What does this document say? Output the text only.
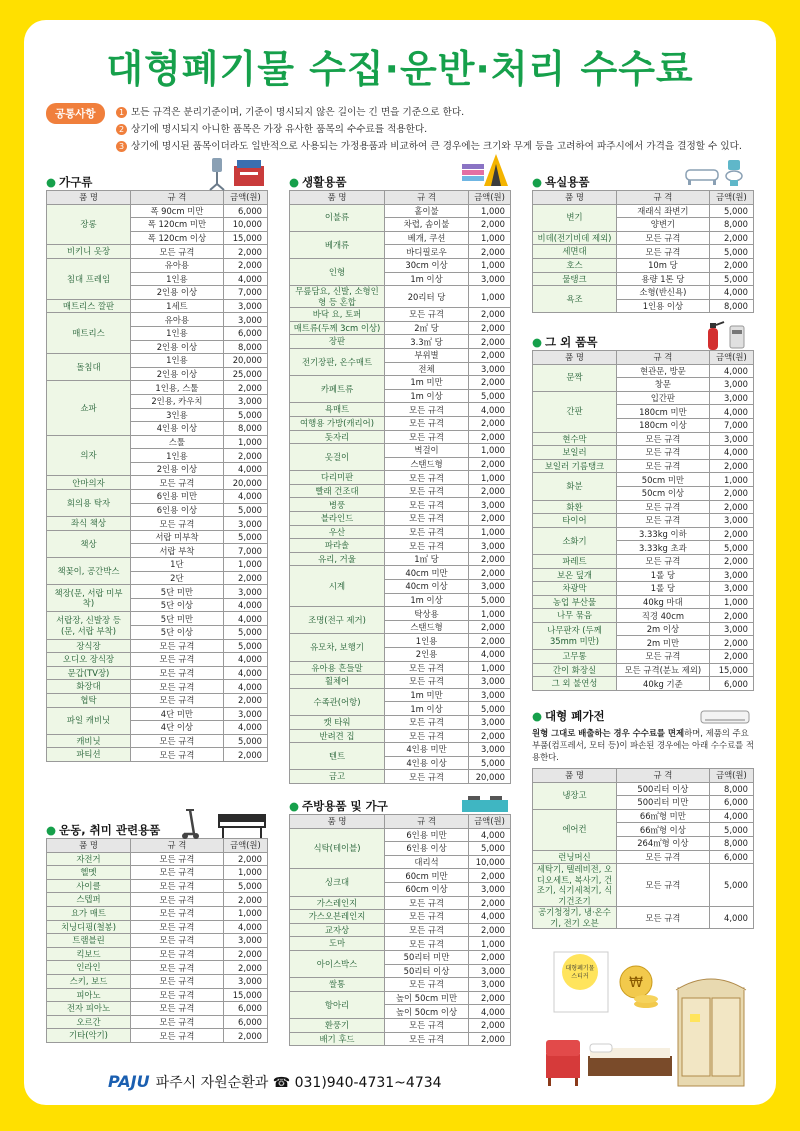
대형폐기물 수집·운반·처리 수수료
공통사항	1 모든 규격은 분리기준이며, 기준이 명시되지 않은 길이는 긴 면을 기준으로 한다.
2 상기에 명시되지 아니한 품목은 가장 유사한 품목의 수수료를 적용한다.
3 상기에 명시된 품목이더라도 일반적으로 사용되는 가정용품과 비교하여 큰 경우에는 크기와 무게 등을 고려하여 파주시에서 가격을 결정할 수 있다.
● 가구류
품 명	규 격	금액(원)
장롱	폭 90cm 미만	6,000
	폭 120cm 미만	10,000
	폭 120cm 이상	15,000
비키니 옷장	모든 규격	2,000
침대 프레임	유아용	2,000
	1인용	4,000
	2인용 이상	7,000
매트리스 깔판	1세트	3,000
매트리스	유아용	3,000
	1인용	6,000
	2인용 이상	8,000
돌침대	1인용	20,000
	2인용 이상	25,000
쇼파	1인용, 스툴	2,000
	2인용, 카우치	3,000
	3인용	5,000
	4인용 이상	8,000
의자	스툴	1,000
	1인용	2,000
	2인용 이상	4,000
안마의자	모든 규격	20,000
회의용 탁자	6인용 미만	4,000
	6인용 이상	5,000
좌식 책상	모든 규격	3,000
책상	서랍 미부착	5,000
	서랍 부착	7,000
책꽂이, 공간박스	1단	1,000
	2단	2,000
책장(문, 서랍 미부착)	5단 미만	3,000
	5단 이상	4,000
서랍장, 신발장 등 (문, 서랍 부착)	5단 미만	4,000
	5단 이상	5,000
장식장	모든 규격	5,000
오디오 장식장	모든 규격	4,000
문갑(TV장)	모든 규격	4,000
화장대	모든 규격	4,000
협탁	모든 규격	2,000
파일 캐비닛	4단 미만	3,000
	4단 이상	4,000
캐비닛	모든 규격	5,000
파티션	모든 규격	2,000
● 운동, 취미 관련용품
품 명	규 격	금액(원)
자전거	모든 규격	2,000
헬멧	모든 규격	1,000
사이클	모든 규격	5,000
스텝퍼	모든 규격	2,000
요가 매트	모든 규격	1,000
치닝디핑(철봉)	모든 규격	4,000
트램블린	모든 규격	3,000
킥보드	모든 규격	2,000
인라인	모든 규격	2,000
스키, 보드	모든 규격	3,000
피아노	모든 규격	15,000
전자 피아노	모든 규격	6,000
오르간	모든 규격	6,000
기타(악기)	모든 규격	2,000
● 생활용품
품 명	규 격	금액(원)
이불류	홑이불	1,000
	차렵, 솜이불	2,000
베개류	베개, 쿠션	1,000
	바디필로우	2,000
인형	30cm 이상	1,000
	1m 이상	3,000
무릎담요, 신발, 소형인형 등 혼합	20리터 당	1,000
바닥 요, 토퍼	모든 규격	2,000
매트류(두께 3cm 이상)	2㎡ 당	2,000
장판	3.3㎡ 당	2,000
전기장판, 온수매트	부위별	2,000
	전체	3,000
카페트류	1m 미만	2,000
	1m 이상	5,000
욕매트	모든 규격	4,000
여행용 가방(캐리어)	모든 규격	2,000
돗자리	모든 규격	2,000
옷걸이	벽걸이	1,000
	스탠드형	2,000
다리미판	모든 규격	1,000
빨래 건조대	모든 규격	2,000
병풍	모든 규격	3,000
블라인드	모든 규격	2,000
우산	모든 규격	1,000
파라솔	모든 규격	3,000
유리, 거울	1㎡ 당	2,000
시계	40cm 미만	2,000
	40cm 이상	3,000
	1m 이상	5,000
조명(전구 제거)	탁상용	1,000
	스탠드형	2,000
유모차, 보행기	1인용	2,000
	2인용	4,000
유아용 흔들말	모든 규격	1,000
휠체어	모든 규격	3,000
수족관(어항)	1m 미만	3,000
	1m 이상	5,000
캣 타워	모든 규격	3,000
반려견 집	모든 규격	2,000
텐트	4인용 미만	3,000
	4인용 이상	5,000
금고	모든 규격	20,000
● 주방용품 및 가구
품 명	규 격	금액(원)
식탁(테이블)	6인용 미만	4,000
	6인용 이상	5,000
	대리석	10,000
싱크대	60cm 미만	2,000
	60cm 이상	3,000
가스레인지	모든 규격	2,000
가스오븐레인지	모든 규격	4,000
교자상	모든 규격	2,000
도마	모든 규격	1,000
아이스박스	50리터 미만	2,000
	50리터 이상	3,000
쌀통	모든 규격	3,000
항아리	높이 50cm 미만	2,000
	높이 50cm 이상	4,000
환풍기	모든 규격	2,000
배기 후드	모든 규격	2,000
● 욕실용품
품 명	규 격	금액(원)
변기	재래식 좌변기	5,000
	양변기	8,000
비데(전기비데 제외)	모든 규격	2,000
세면대	모든 규격	5,000
호스	10m 당	2,000
물탱크	용량 1톤 당	5,000
욕조	소형(반신욕)	4,000
	1인용 이상	8,000
● 그 외 품목
품 명	규 격	금액(원)
문짝	현관문, 방문	4,000
	창문	3,000
간판	입간판	3,000
	180cm 미만	4,000
	180cm 이상	7,000
현수막	모든 규격	3,000
보일러	모든 규격	4,000
보일러 기름탱크	모든 규격	2,000
화분	50cm 미만	1,000
	50cm 이상	2,000
화환	모든 규격	2,000
타이어	모든 규격	3,000
소화기	3.33kg 이하	2,000
	3.33kg 초과	5,000
파레트	모든 규격	2,000
보온 덮개	1롤 당	3,000
차광막	1롤 당	3,000
농업 부산물	40kg 마대	1,000
나무 묶음	직경 40cm	2,000
나무판자 (두께 35mm 미만)	2m 이상	3,000
	2m 미만	2,000
고무통	모든 규격	2,000
간이 화장실	모든 규격(분뇨 제외)	15,000
그 외 불연성	40kg 기준	6,000
● 대형 폐가전
원형 그대로 배출하는 경우 수수료를 면제하며, 제품의 주요 부품(컴프레서, 모터 등)이 파손된 경우에는 아래 수수료를 적용한다.
품 명	규 격	금액(원)
냉장고	500리터 이상	8,000
	500리터 미만	6,000
에어컨	66㎡형 미만	4,000
	66㎡형 이상	5,000
	264㎡형 이상	8,000
런닝머신	모든 규격	6,000
세탁기, 텔레비전, 오디오세트, 복사기, 건조기, 식기세척기, 식기건조기	모든 규격	5,000
공기청정기, 냉·온수기, 전기 오븐	모든 규격	4,000
대형폐기물
스티커	₩
PAJU 파주시 자원순환과 ☎ 031)940-4731~4734
